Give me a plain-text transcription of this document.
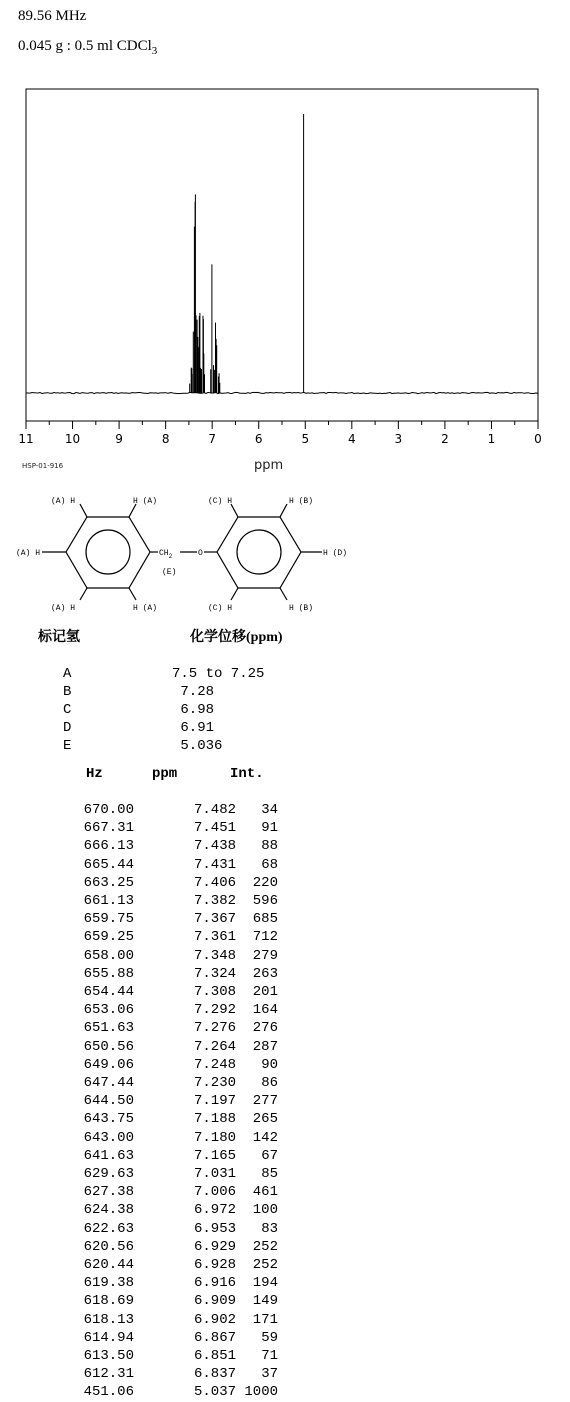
89.56 MHz
0.045 g : 0.5 ml CDCl$_3$
11	10	9	8	7	6	5	4	3	2	1	0
ppm
HSP-01-916
(A) H	H (A)
(A) H
(A) H	H (A)
$CH_2$
(E)
O
(C) H	H (B)
H (D)
(C) H	H (B)
标记氢	化学位移(ppm)
A	7.5 to 7.25
B	7.28
C	6.98
D	6.91
E	5.036
Hz	ppm	Int.
670.00	7.482	34
667.31	7.451	91
666.13	7.438	88
665.44	7.431	68
663.25	7.406	220
661.13	7.382	596
659.75	7.367	685
659.25	7.361	712
658.00	7.348	279
655.88	7.324	263
654.44	7.308	201
653.06	7.292	164
651.63	7.276	276
650.56	7.264	287
649.06	7.248	90
647.44	7.230	86
644.50	7.197	277
643.75	7.188	265
643.00	7.180	142
641.63	7.165	67
629.63	7.031	85
627.38	7.006	461
624.38	6.972	100
622.63	6.953	83
620.56	6.929	252
620.44	6.928	252
619.38	6.916	194
618.69	6.909	149
618.13	6.902	171
614.94	6.867	59
613.50	6.851	71
612.31	6.837	37
451.06	5.037 1000
